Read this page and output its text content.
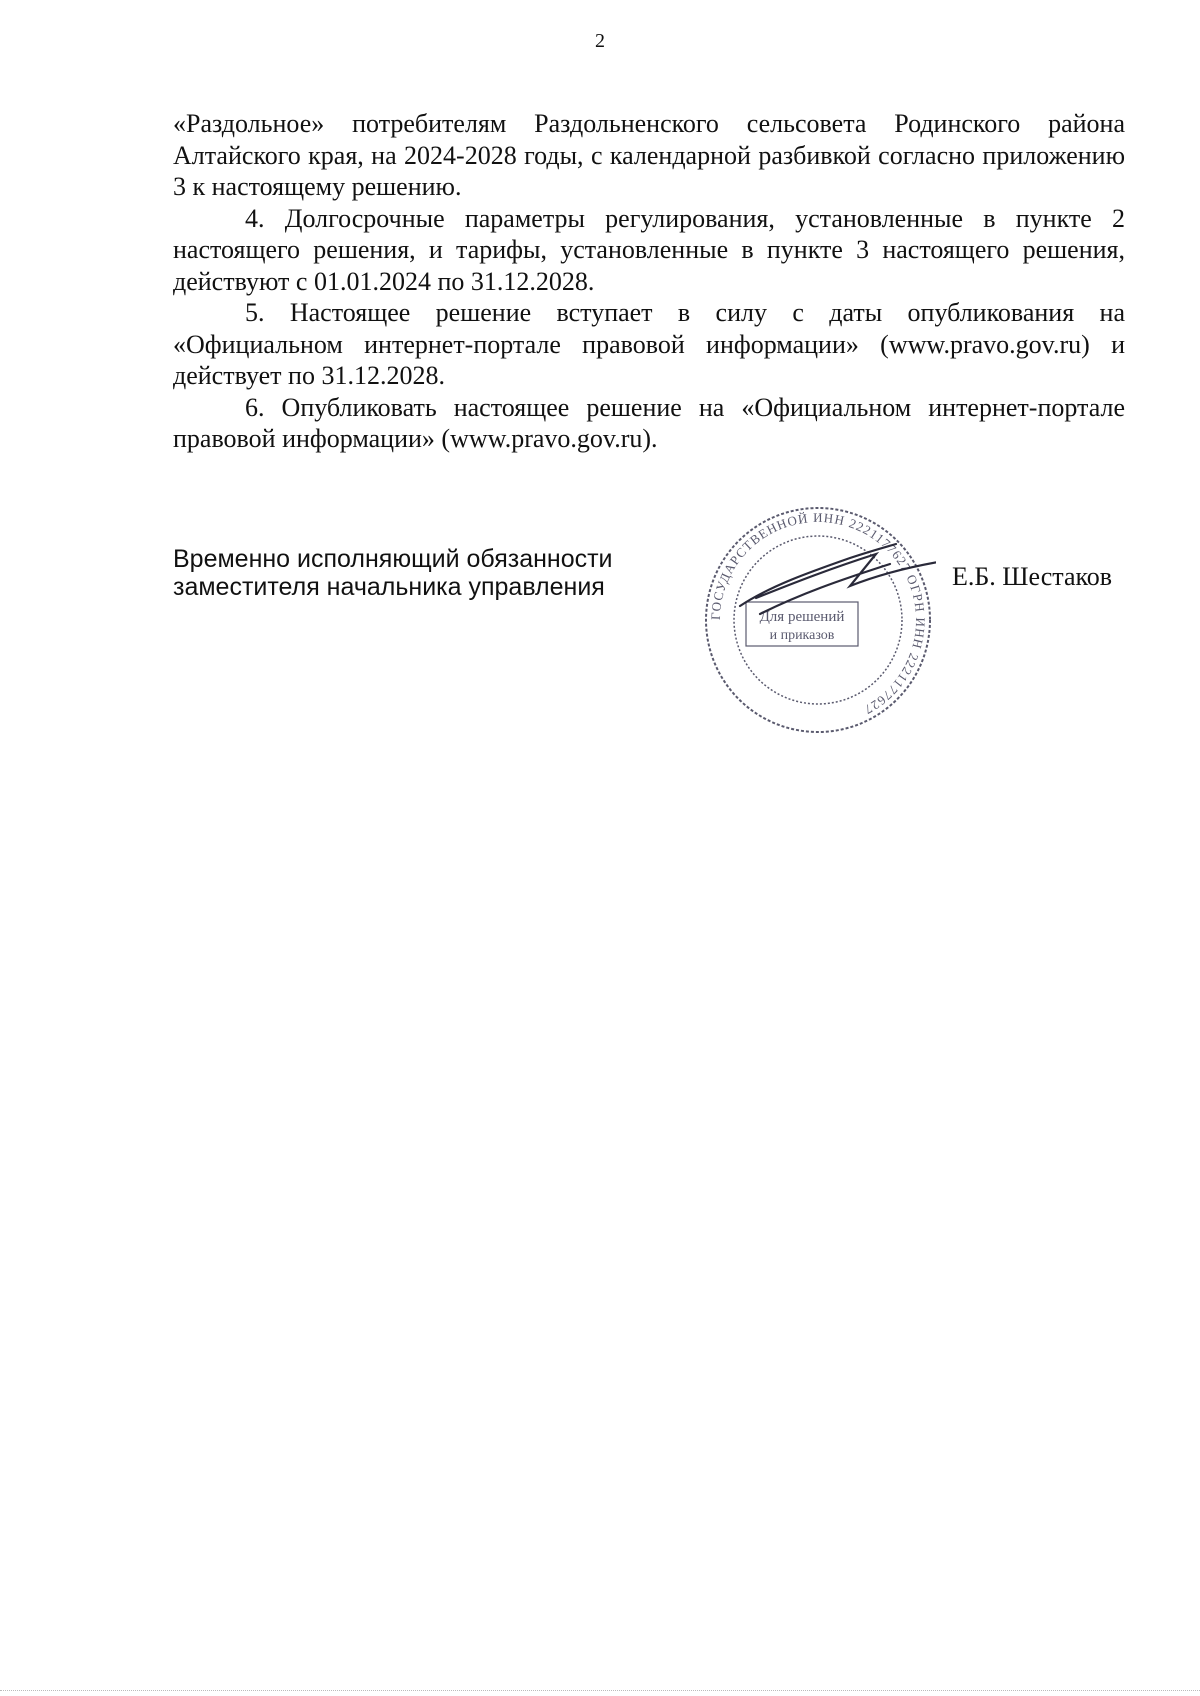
2

«Раздольное» потребителям Раздольненского сельсовета Родинского района Алтайского края, на 2024-2028 годы, с календарной разбивкой согласно приложению 3 к настоящему решению.

4. Долгосрочные параметры регулирования, установленные в пункте 2 настоящего решения, и тарифы, установленные в пункте 3 настоящего решения, действуют с 01.01.2024 по 31.12.2028.

5. Настоящее решение вступает в силу с даты опубликования на «Официальном интернет-портале правовой информации» (www.pravo.gov.ru) и действует по 31.12.2028.

6. Опубликовать настоящее решение на «Официальном интернет-портале правовой информации» (www.pravo.gov.ru).

Временно исполняющий обязанности
заместителя начальника управления
ГОСУДАРСТВЕННОЙ ИНН 2221177627 ОГРН ИНН 2221177627
Для решений
и приказов
Е.Б. Шестаков
